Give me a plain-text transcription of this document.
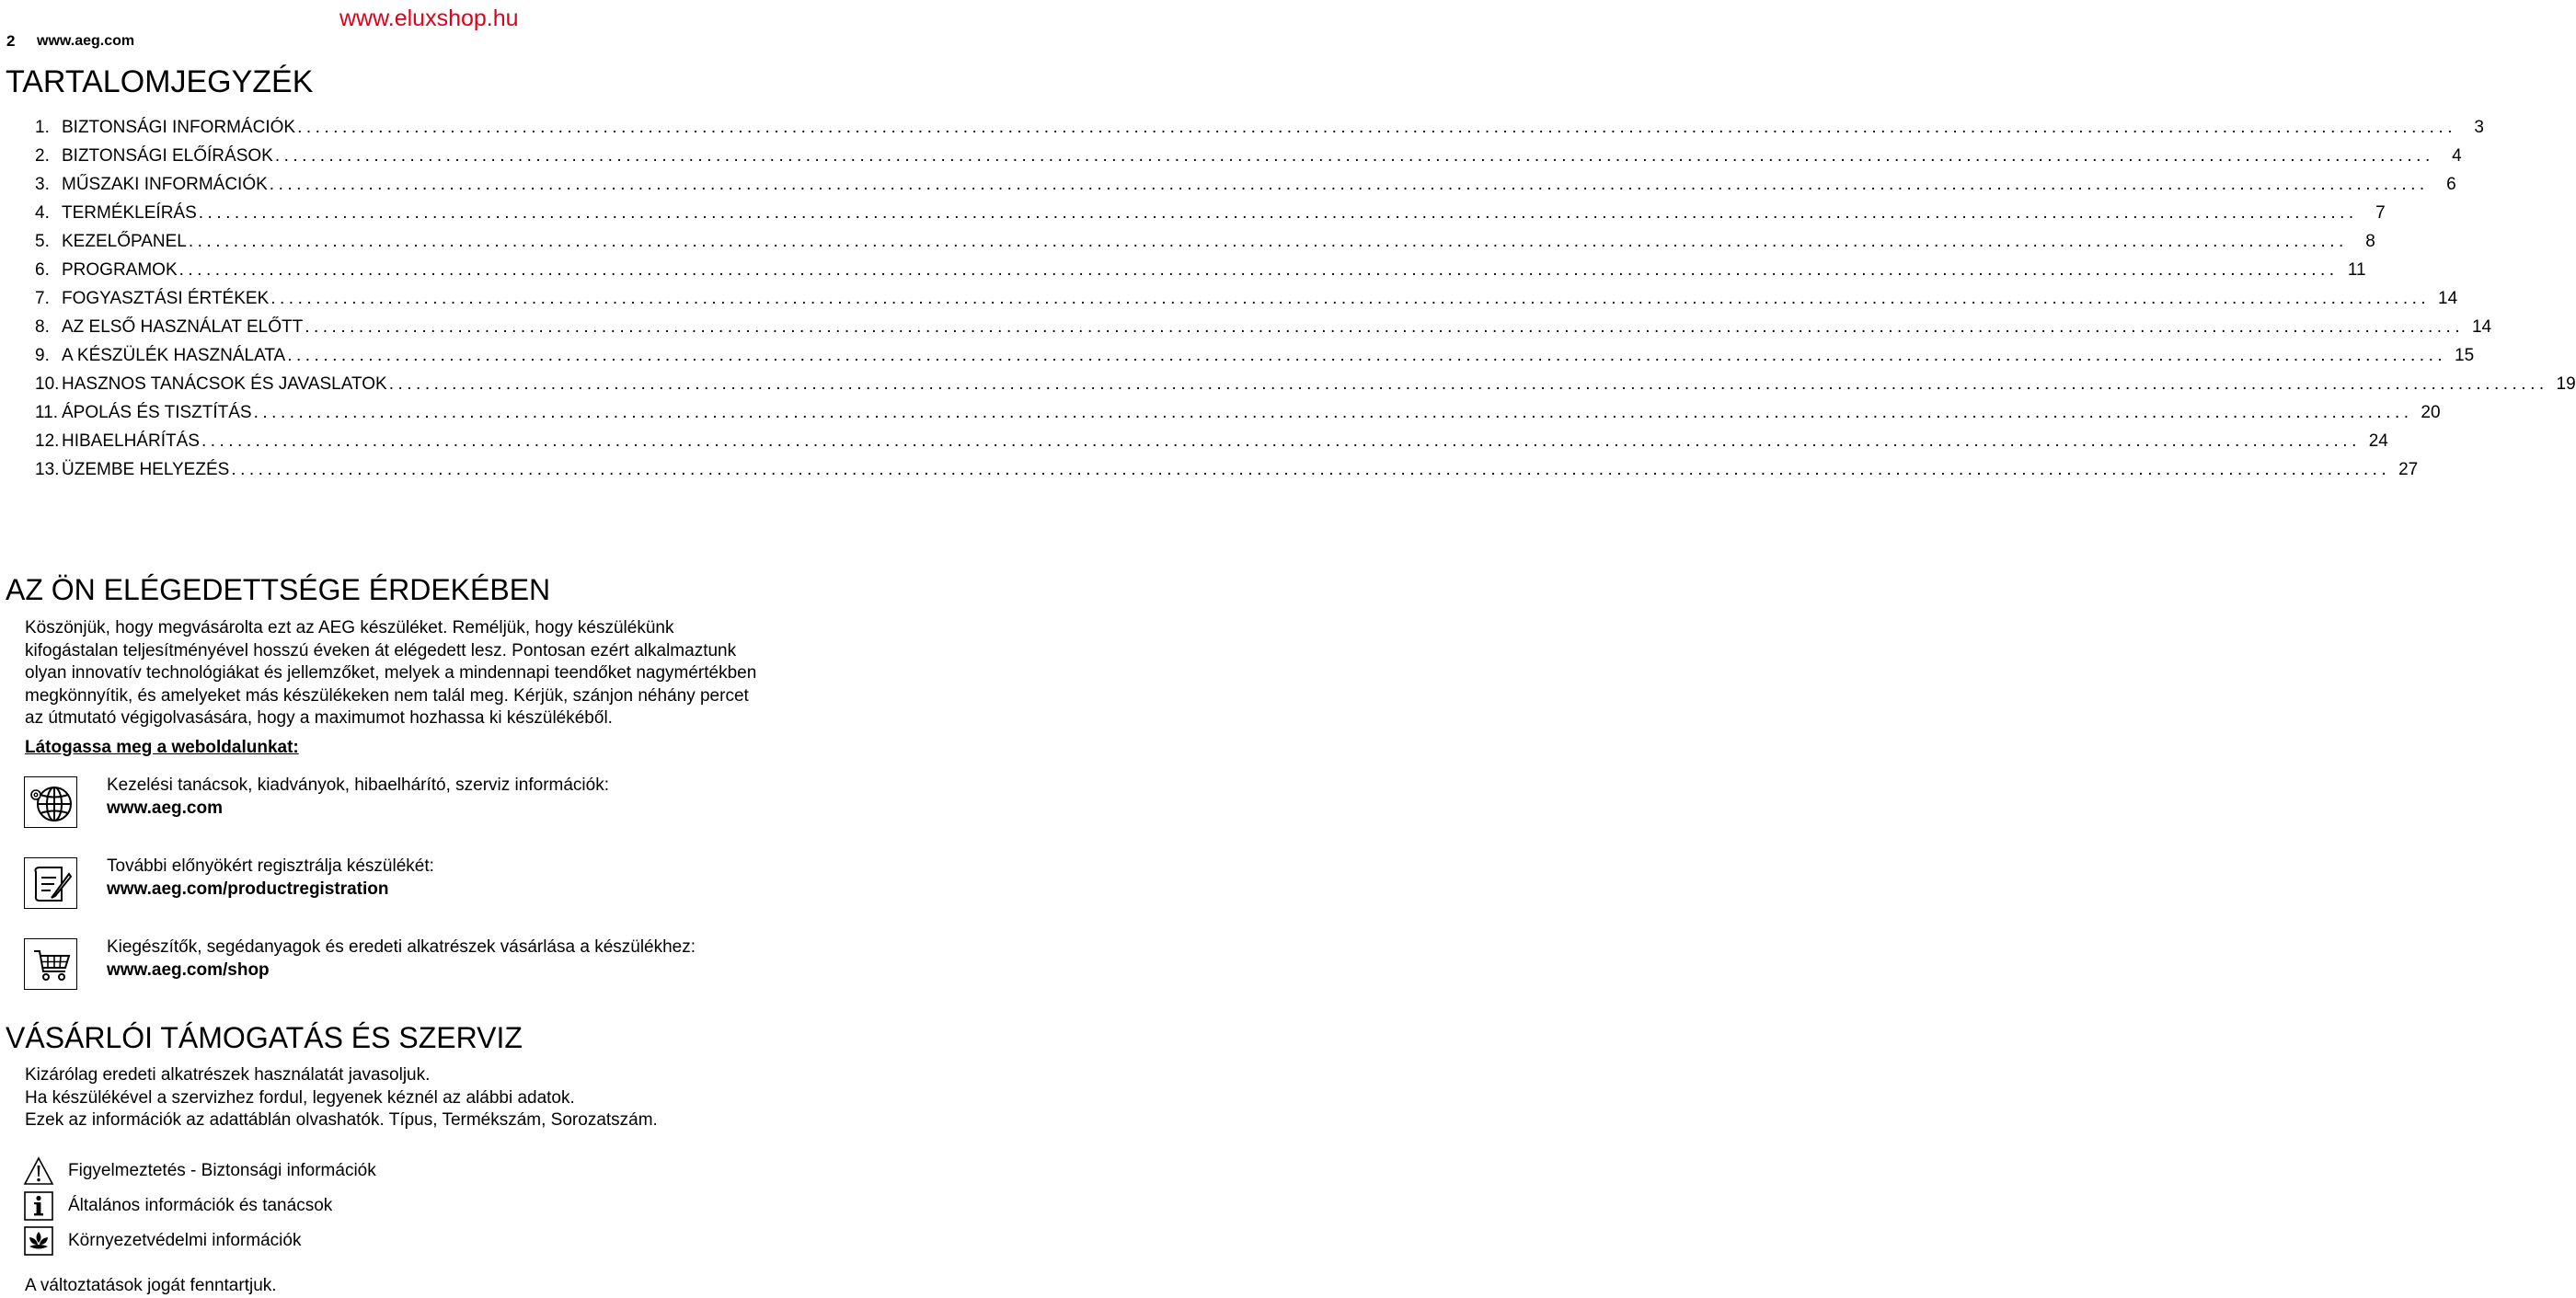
2 www.aeg.com
www.eluxshop.hu
TARTALOMJEGYZÉK
1. BIZTONSÁGI INFORMÁCIÓK ................................................................................................................................................................................................................................................	3
2. BIZTONSÁGI ELŐÍRÁSOK ................................................................................................................................................................................................................................................	4
3. MŰSZAKI INFORMÁCIÓK ................................................................................................................................................................................................................................................	6
4. TERMÉKLEÍRÁS ................................................................................................................................................................................................................................................	7
5. KEZELŐPANEL ................................................................................................................................................................................................................................................	8
6. PROGRAMOK ................................................................................................................................................................................................................................................ 11
7. FOGYASZTÁSI ÉRTÉKEK ................................................................................................................................................................................................................................................ 14
8. AZ ELSŐ HASZNÁLAT ELŐTT ................................................................................................................................................................................................................................................ 14
9. A KÉSZÜLÉK HASZNÁLATA ................................................................................................................................................................................................................................................ 15
10. HASZNOS TANÁCSOK ÉS JAVASLATOK ................................................................................................................................................................................................................................................ 19
11. ÁPOLÁS ÉS TISZTÍTÁS ................................................................................................................................................................................................................................................ 20
12. HIBAELHÁRÍTÁS ................................................................................................................................................................................................................................................ 24
13. ÜZEMBE HELYEZÉS ................................................................................................................................................................................................................................................ 27
AZ ÖN ELÉGEDETTSÉGE ÉRDEKÉBEN

Köszönjük, hogy megvásárolta ezt az AEG készüléket. Reméljük, hogy készülékünk
kifogástalan teljesítményével hosszú éveken át elégedett lesz. Pontosan ezért alkalmaztunk
olyan innovatív technológiákat és jellemzőket, melyek a mindennapi teendőket nagymértékben
megkönnyítik, és amelyeket más készülékeken nem talál meg. Kérjük, szánjon néhány percet
az útmutató végigolvasására, hogy a maximumot hozhassa ki készülékéből.

Látogassa meg a weboldalunkat:

Kezelési tanácsok, kiadványok, hibaelhárító, szerviz információk:
www.aeg.com
További előnyökért regisztrálja készülékét:
www.aeg.com/productregistration
Kiegészítők, segédanyagok és eredeti alkatrészek vásárlása a készülékhez:
www.aeg.com/shop
VÁSÁRLÓI TÁMOGATÁS ÉS SZERVIZ

Kizárólag eredeti alkatrészek használatát javasoljuk.
Ha készülékével a szervizhez fordul, legyenek kéznél az alábbi adatok.
Ezek az információk az adattáblán olvashatók. Típus, Termékszám, Sorozatszám.

Figyelmeztetés - Biztonsági információk
Általános információk és tanácsok
Környezetvédelmi információk

A változtatások jogát fenntartjuk.
